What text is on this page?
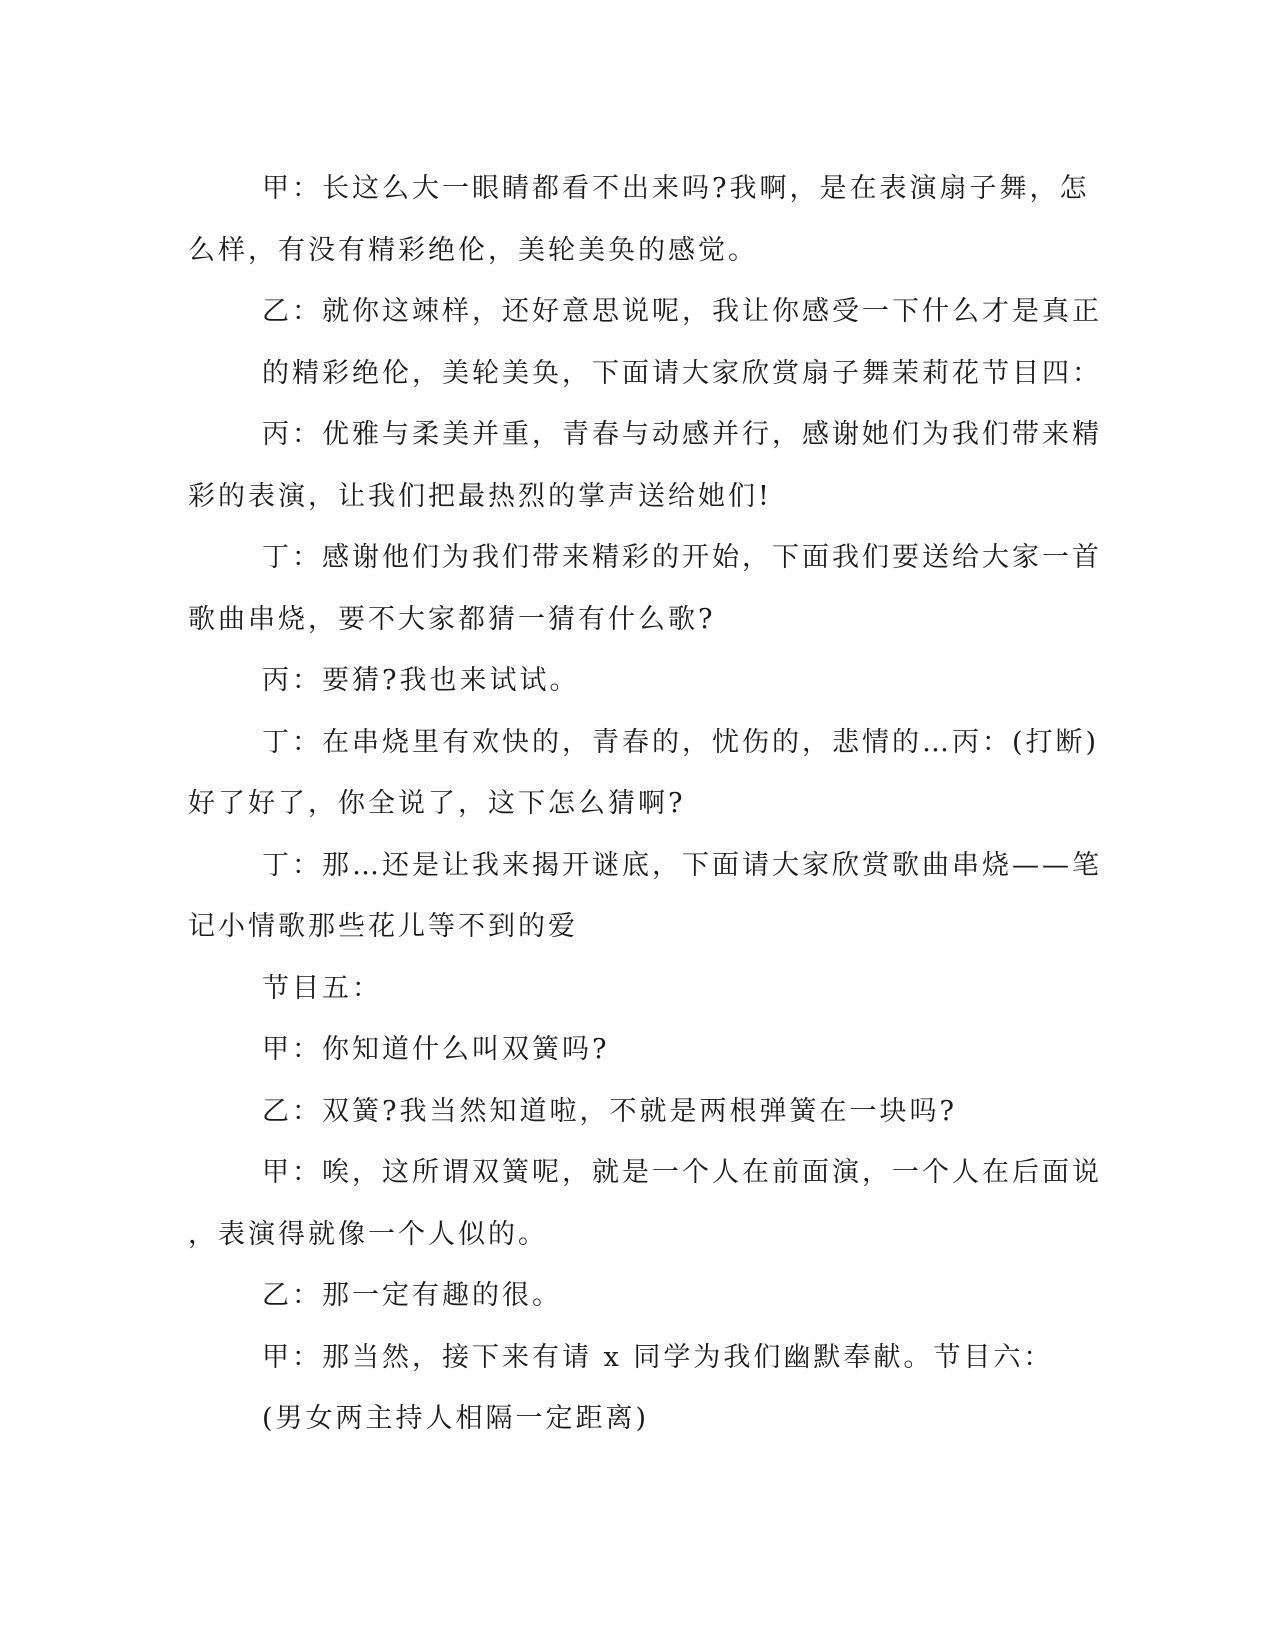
甲：长这么大一眼睛都看不出来吗?我啊，是在表演扇子舞，怎
么样，有没有精彩绝伦，美轮美奂的感觉。
乙：就你这竦样，还好意思说呢，我让你感受一下什么才是真正
的精彩绝伦，美轮美奂，下面请大家欣赏扇子舞茉莉花节目四：
丙：优雅与柔美并重，青春与动感并行，感谢她们为我们带来精
彩的表演，让我们把最热烈的掌声送给她们!
丁：感谢他们为我们带来精彩的开始，下面我们要送给大家一首
歌曲串烧，要不大家都猜一猜有什么歌?
丙：要猜?我也来试试。
丁：在串烧里有欢快的，青春的，忧伤的，悲情的…丙：(打断)
好了好了，你全说了，这下怎么猜啊?
丁：那…还是让我来揭开谜底，下面请大家欣赏歌曲串烧——笔
记小情歌那些花儿等不到的爱
节目五：
甲：你知道什么叫双簧吗?
乙：双簧?我当然知道啦，不就是两根弹簧在一块吗?
甲：唉，这所谓双簧呢，就是一个人在前面演，一个人在后面说
，表演得就像一个人似的。
乙：那一定有趣的很。
甲：那当然，接下来有请 x 同学为我们幽默奉献。节目六：
(男女两主持人相隔一定距离)
